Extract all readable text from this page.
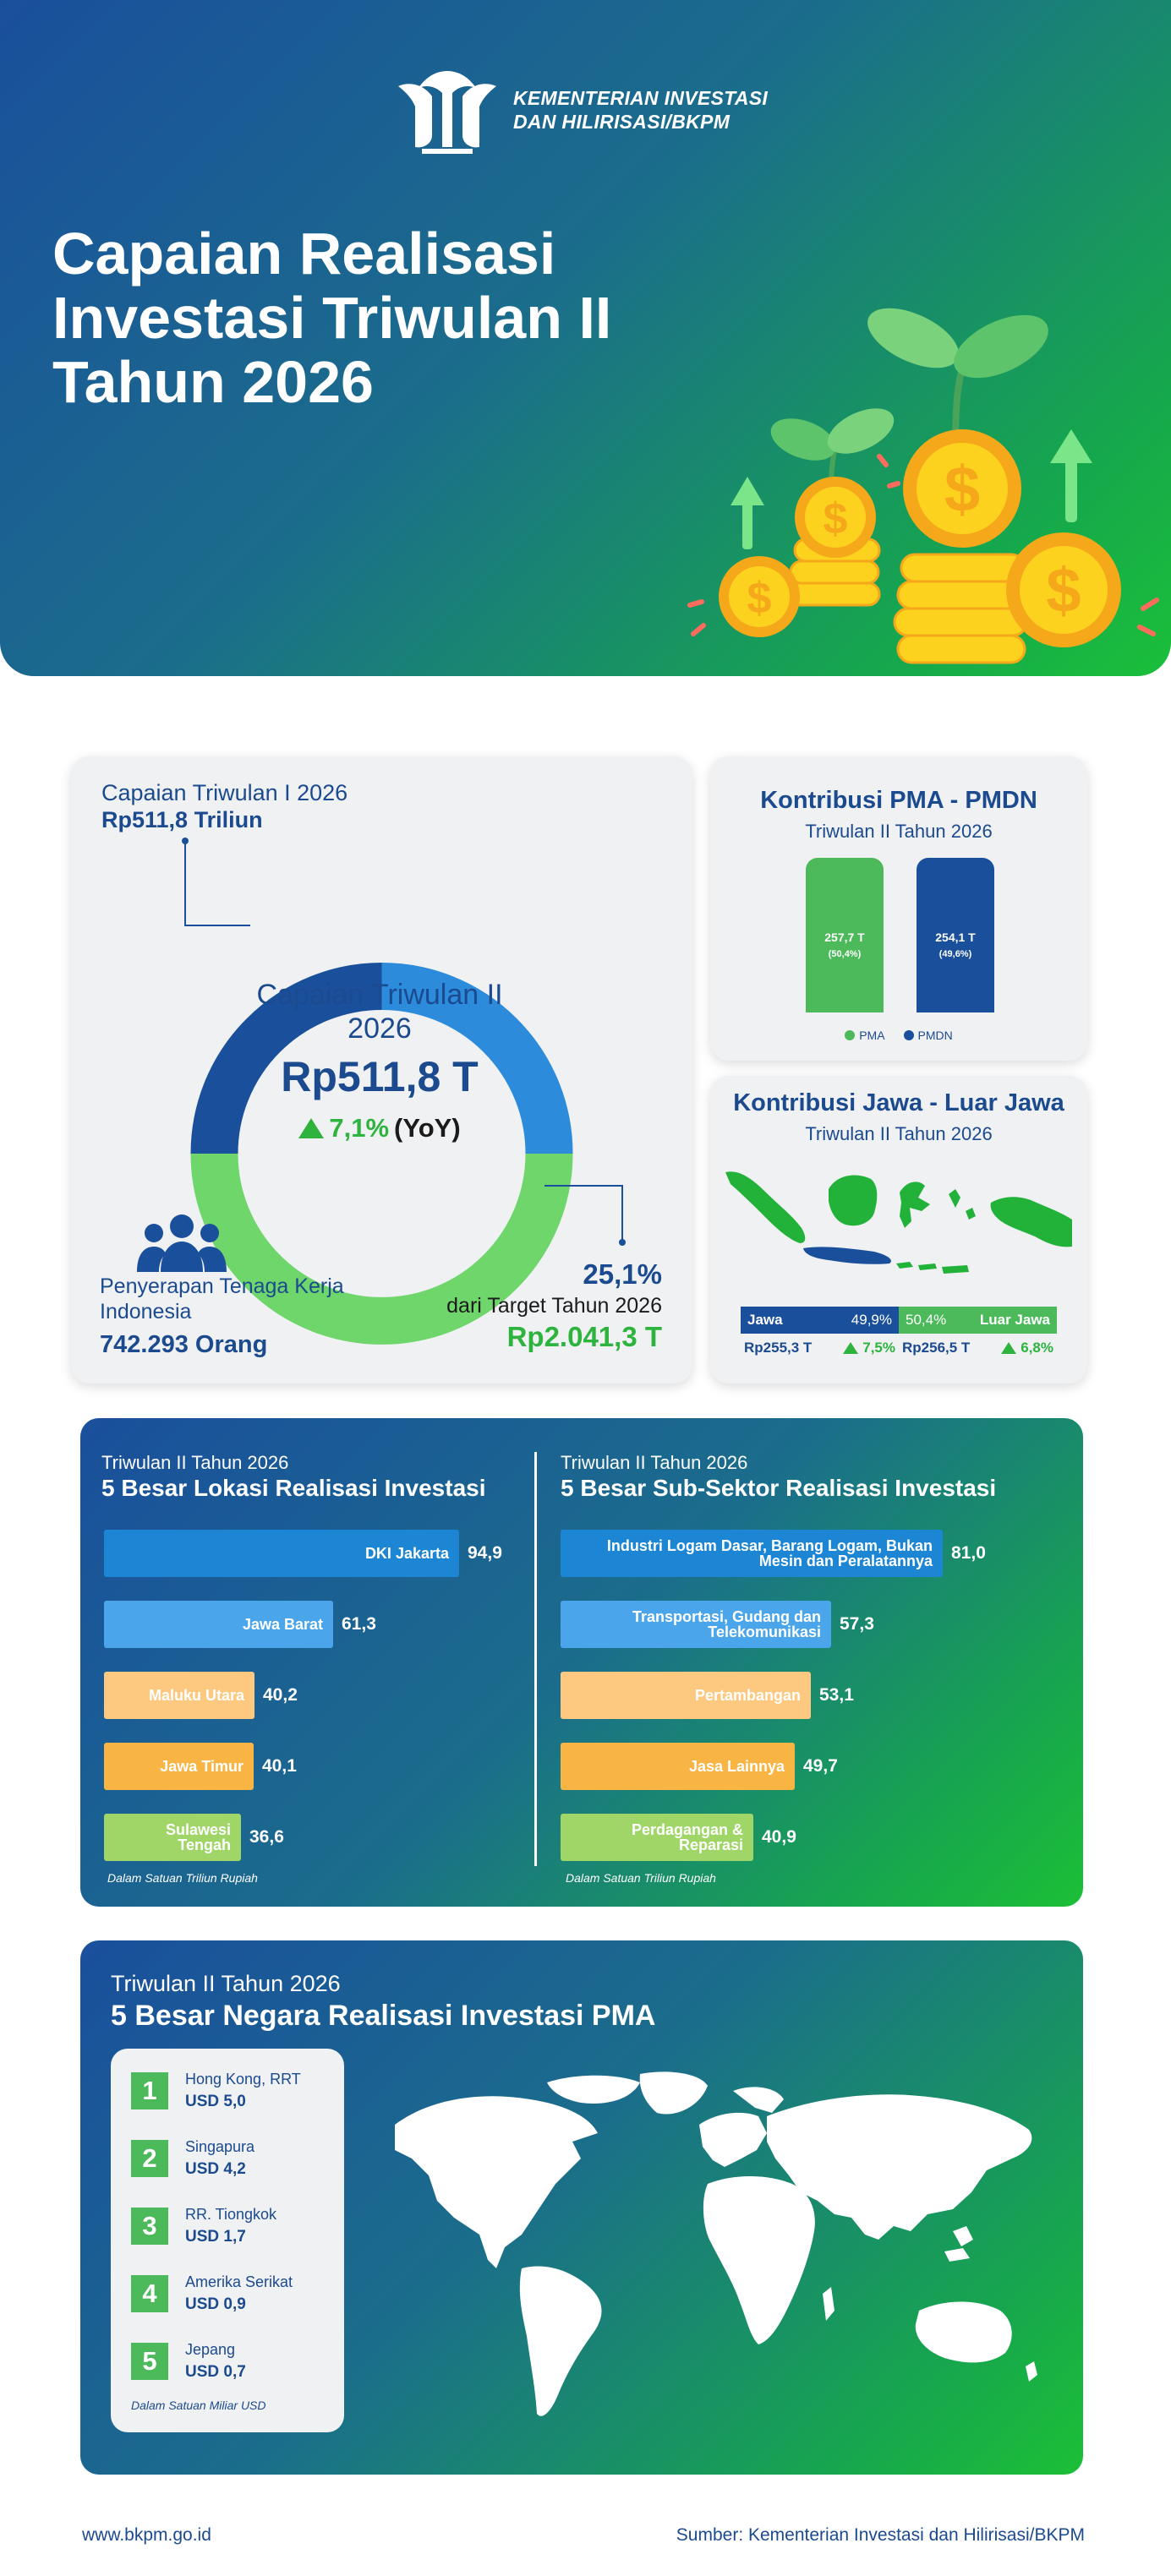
KEMENTERIAN INVESTASI
DAN HILIRISASI/BKPM
Capaian Realisasi
Investasi Triwulan II
Tahun 2026
$
$
$
$
Capaian Triwulan I 2026
Rp511,8 Triliun
Capaian Triwulan II 2026
Rp511,8 T
7,1% (YoY)
Penyerapan Tenaga Kerja Indonesia
742.293 Orang
25,1%
dari Target Tahun 2026
Rp2.041,3 T
Kontribusi PMA - PMDN
Triwulan II Tahun 2026
257,7 T
(50,4%)
254,1 T
(49,6%)
PMA	PMDN
Kontribusi Jawa - Luar Jawa
Triwulan II Tahun 2026
Jawa	49,9% 50,4% Luar Jawa
Rp255,3 T	7,5% Rp256,5 T	6,8%
Triwulan II Tahun 2026
5 Besar Lokasi Realisasi Investasi
DKI Jakarta 94,9
Jawa Barat 61,3
Maluku Utara 40,2
Jawa Timur 40,1
Sulawesi Tengah 36,6
Dalam Satuan Triliun Rupiah
Triwulan II Tahun 2026
5 Besar Sub-Sektor Realisasi Investasi
Industri Logam Dasar, Barang Logam, Bukan Mesin dan Peralatannya 81,0
Transportasi, Gudang dan Telekomunikasi 57,3
Pertambangan 53,1
Jasa Lainnya 49,7
Perdagangan & Reparasi 40,9
Dalam Satuan Triliun Rupiah
Triwulan II Tahun 2026
5 Besar Negara Realisasi Investasi PMA
1	Hong Kong, RRT
USD 5,0
2	Singapura
USD 4,2
3	RR. Tiongkok
USD 1,7
4	Amerika Serikat
USD 0,9
5	Jepang
USD 0,7
Dalam Satuan Miliar USD
www.bkpm.go.id	Sumber: Kementerian Investasi dan Hilirisasi/BKPM
